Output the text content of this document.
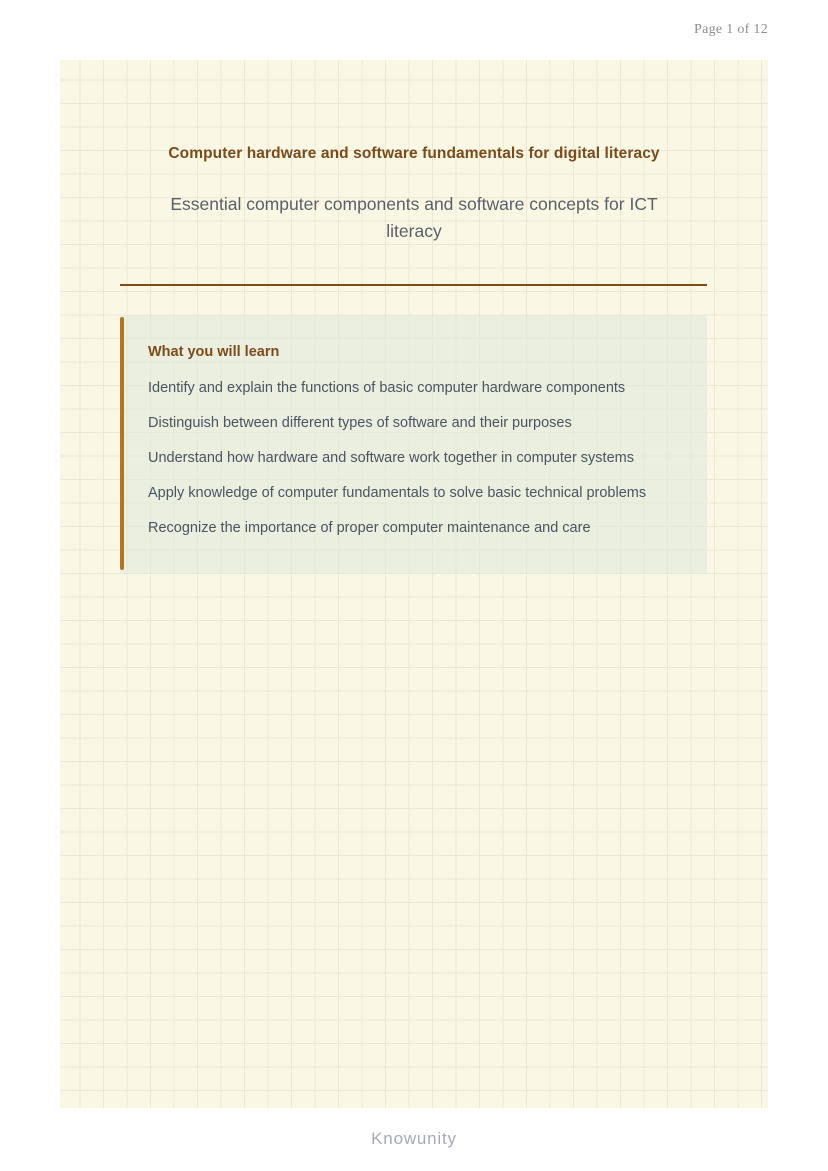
Page 1 of 12
Computer hardware and software fundamentals for digital literacy
Essential computer components and software concepts for ICT literacy
What you will learn
Identify and explain the functions of basic computer hardware components
Distinguish between different types of software and their purposes
Understand how hardware and software work together in computer systems
Apply knowledge of computer fundamentals to solve basic technical problems
Recognize the importance of proper computer maintenance and care
Knowunity
